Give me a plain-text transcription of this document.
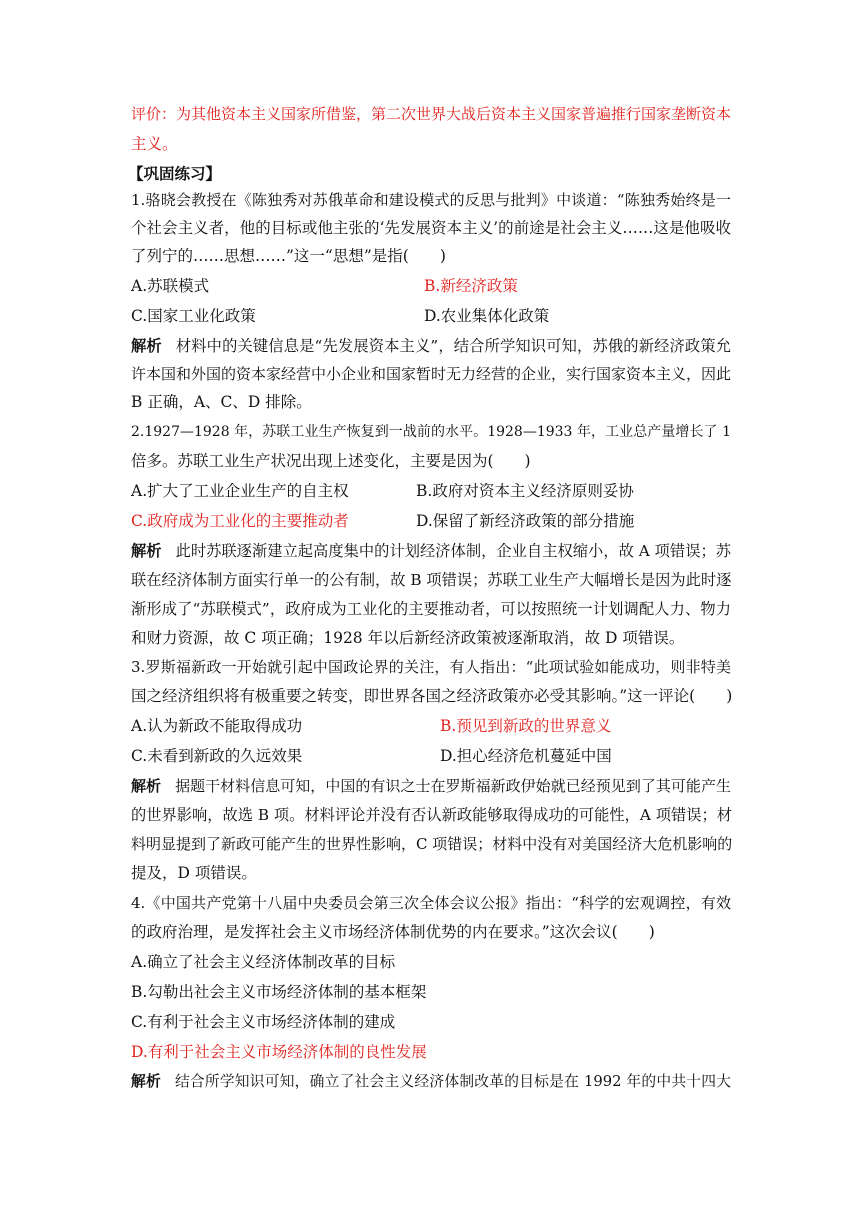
评价：为其他资本主义国家所借鉴，第二次世界大战后资本主义国家普遍推行国家垄断资本
主义。
【巩固练习】
1.骆晓会教授在《陈独秀对苏俄革命和建设模式的反思与批判》中谈道：“陈独秀始终是一
个社会主义者，他的目标或他主张的‘先发展资本主义’的前途是社会主义……这是他吸收
了列宁的……思想……”这一“思想”是指(　　)
A.苏联模式	B.新经济政策
C.国家工业化政策	D.农业集体化政策
解析 材料中的关键信息是“先发展资本主义”，结合所学知识可知，苏俄的新经济政策允
许本国和外国的资本家经营中小企业和国家暂时无力经营的企业，实行国家资本主义，因此
B 正确，A、C、D 排除。
2.1927—1928 年，苏联工业生产恢复到一战前的水平。1928—1933 年，工业总产量增长了 1
倍多。苏联工业生产状况出现上述变化，主要是因为(　　)
A.扩大了工业企业生产的自主权	B.政府对资本主义经济原则妥协
C.政府成为工业化的主要推动者	D.保留了新经济政策的部分措施
解析 此时苏联逐渐建立起高度集中的计划经济体制，企业自主权缩小，故 A 项错误；苏
联在经济体制方面实行单一的公有制，故 B 项错误；苏联工业生产大幅增长是因为此时逐
渐形成了“苏联模式”，政府成为工业化的主要推动者，可以按照统一计划调配人力、物力
和财力资源，故 C 项正确；1928 年以后新经济政策被逐渐取消，故 D 项错误。
3.罗斯福新政一开始就引起中国政论界的关注，有人指出：“此项试验如能成功，则非特美
国之经济组织将有极重要之转变，即世界各国之经济政策亦必受其影响。”这一评论(　　)
A.认为新政不能取得成功	B.预见到新政的世界意义
C.未看到新政的久远效果	D.担心经济危机蔓延中国
解析 据题干材料信息可知，中国的有识之士在罗斯福新政伊始就已经预见到了其可能产生
的世界影响，故选 B 项。材料评论并没有否认新政能够取得成功的可能性，A 项错误；材
料明显提到了新政可能产生的世界性影响，C 项错误；材料中没有对美国经济大危机影响的
提及，D 项错误。
4.《中国共产党第十八届中央委员会第三次全体会议公报》指出：“科学的宏观调控，有效
的政府治理，是发挥社会主义市场经济体制优势的内在要求。”这次会议(　　)
A.确立了社会主义经济体制改革的目标
B.勾勒出社会主义市场经济体制的基本框架
C.有利于社会主义市场经济体制的建成
D.有利于社会主义市场经济体制的良性发展
解析 结合所学知识可知，确立了社会主义经济体制改革的目标是在 1992 年的中共十四大
